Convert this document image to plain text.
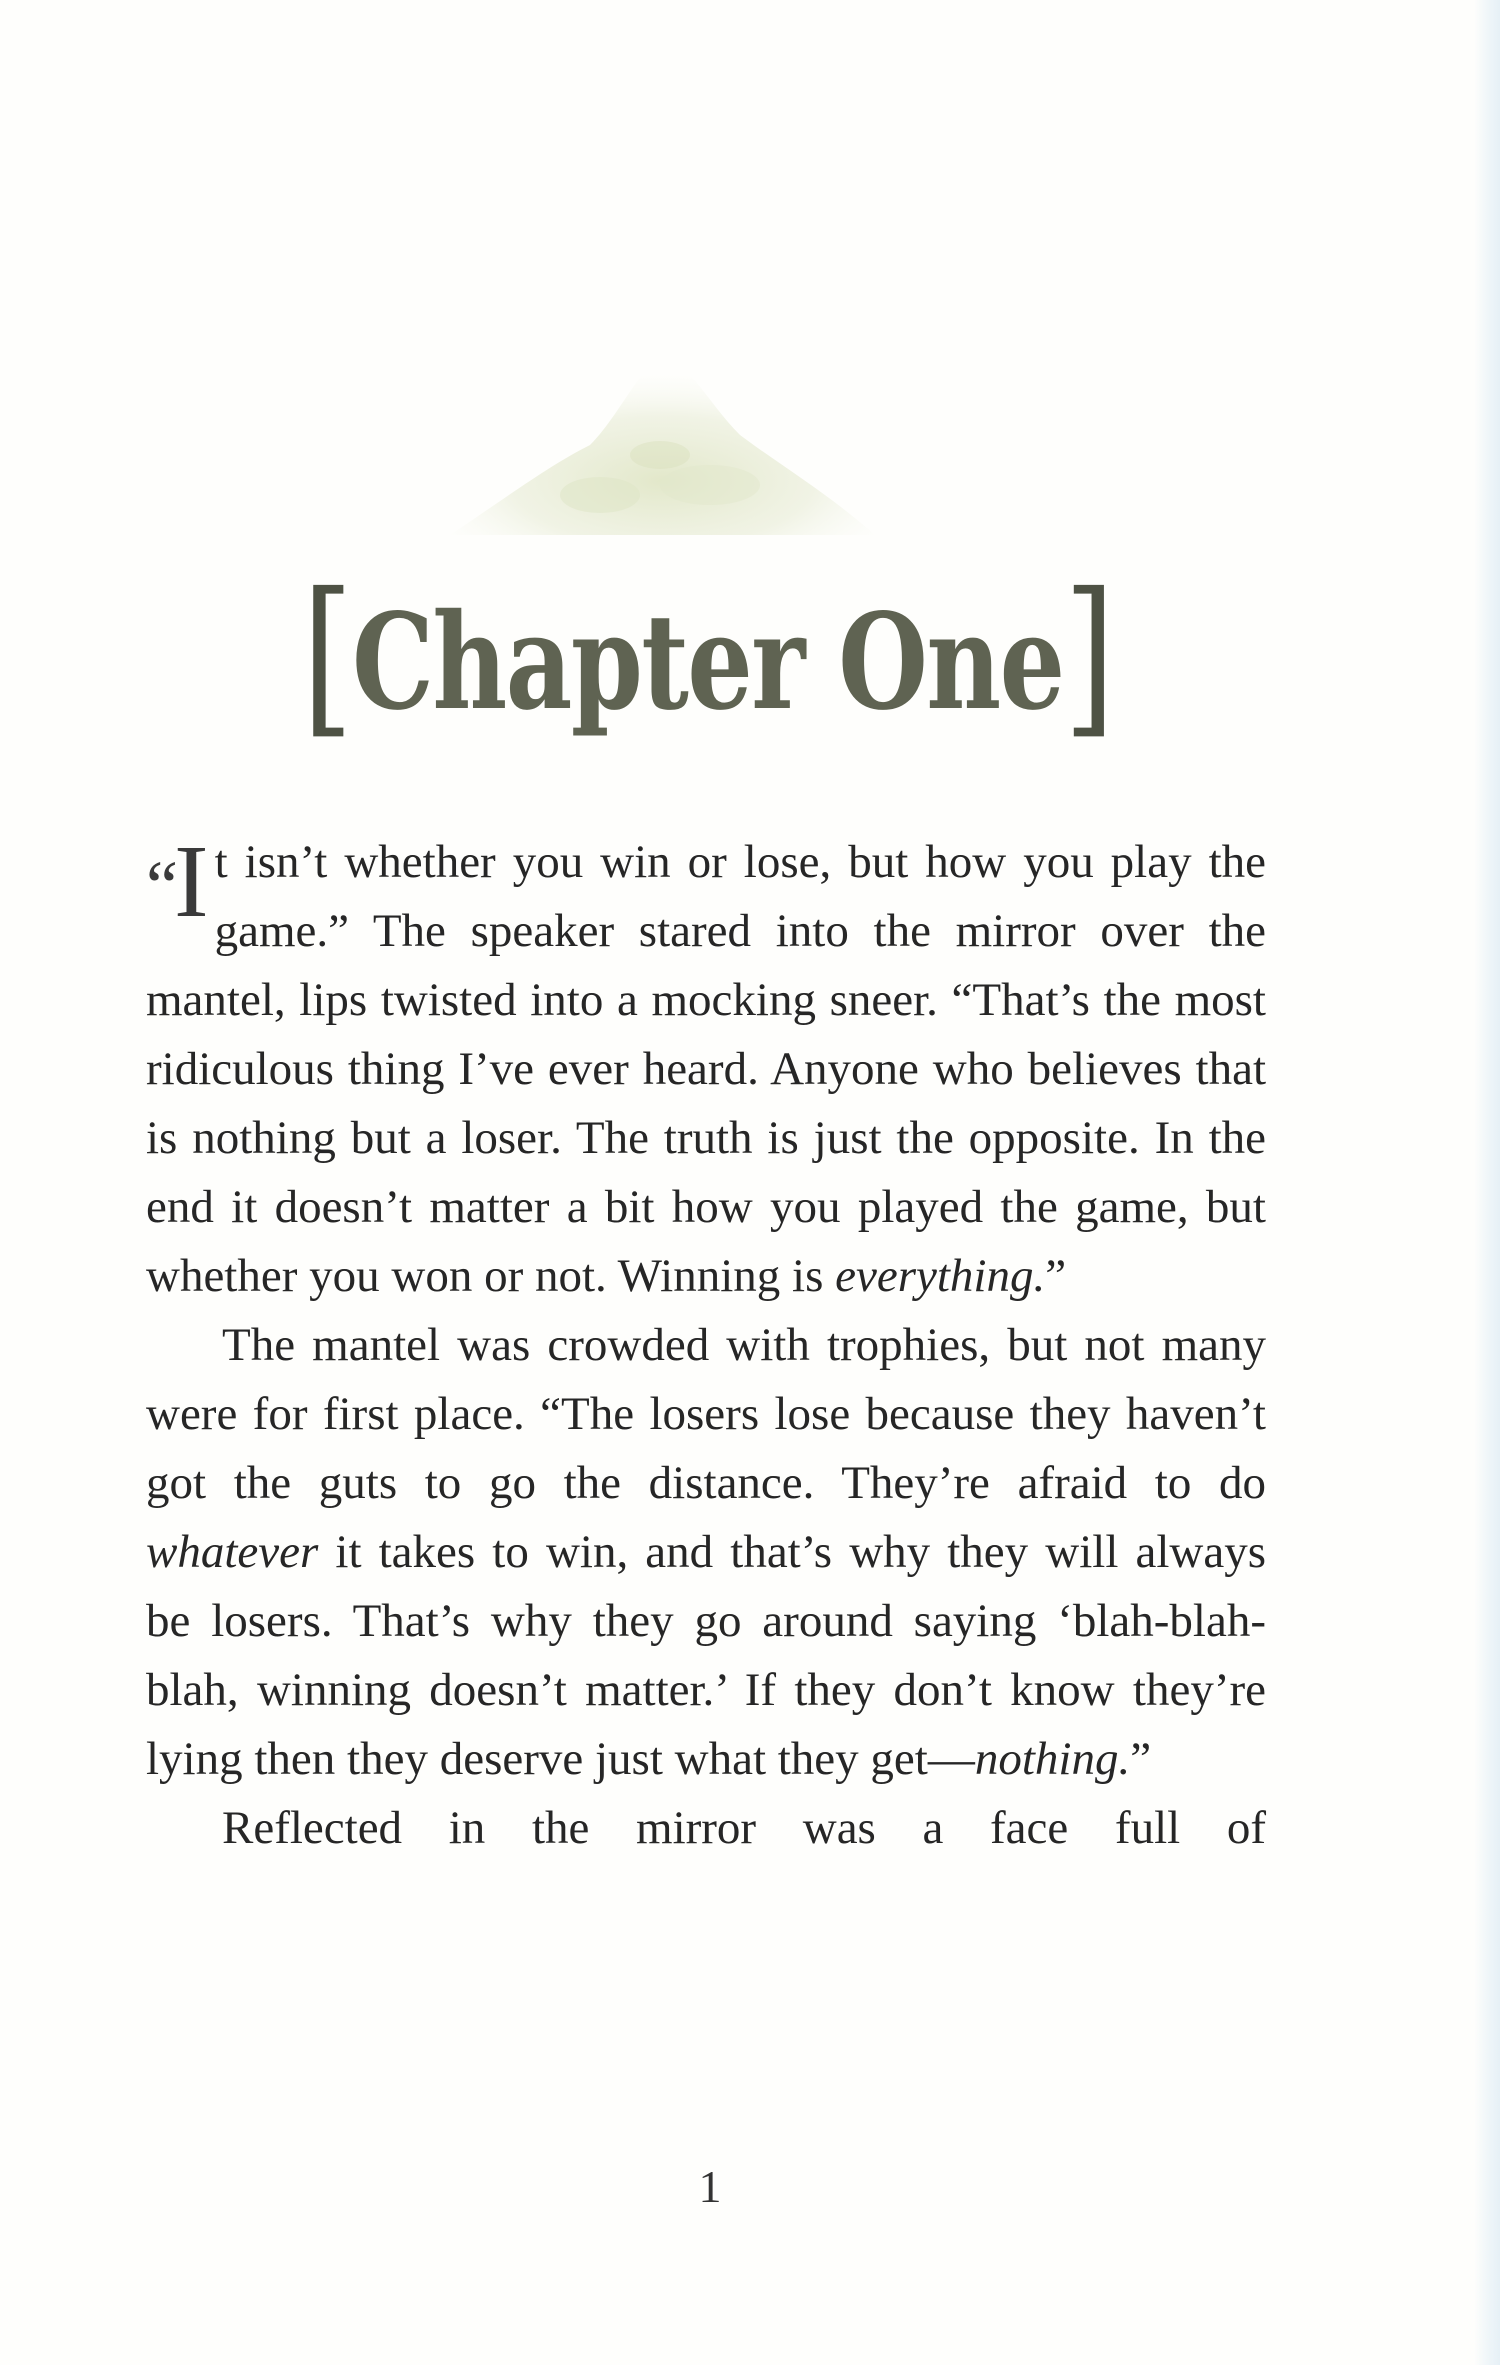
[Chapter One]

“I t isn’t whether you win or lose, but how you play the game.” The speaker stared into the mirror over the mantel, lips twisted into a mocking sneer. “That’s the most ridiculous thing I’ve ever heard. Anyone who believes that is nothing but a loser. The truth is just the opposite. In the end it doesn’t matter a bit how you played the game, but whether you won or not. Winning is everything.”

The mantel was crowded with trophies, but not many were for first place. “The losers lose because they haven’t got the guts to go the distance. They’re afraid to do whatever it takes to win, and that’s why they will always be losers. That’s why they go around saying ‘blah-blah-blah, winning doesn’t matter.’ If they don’t know they’re lying then they deserve just what they get—nothing.”

Reflected in the mirror was a face full of

1
